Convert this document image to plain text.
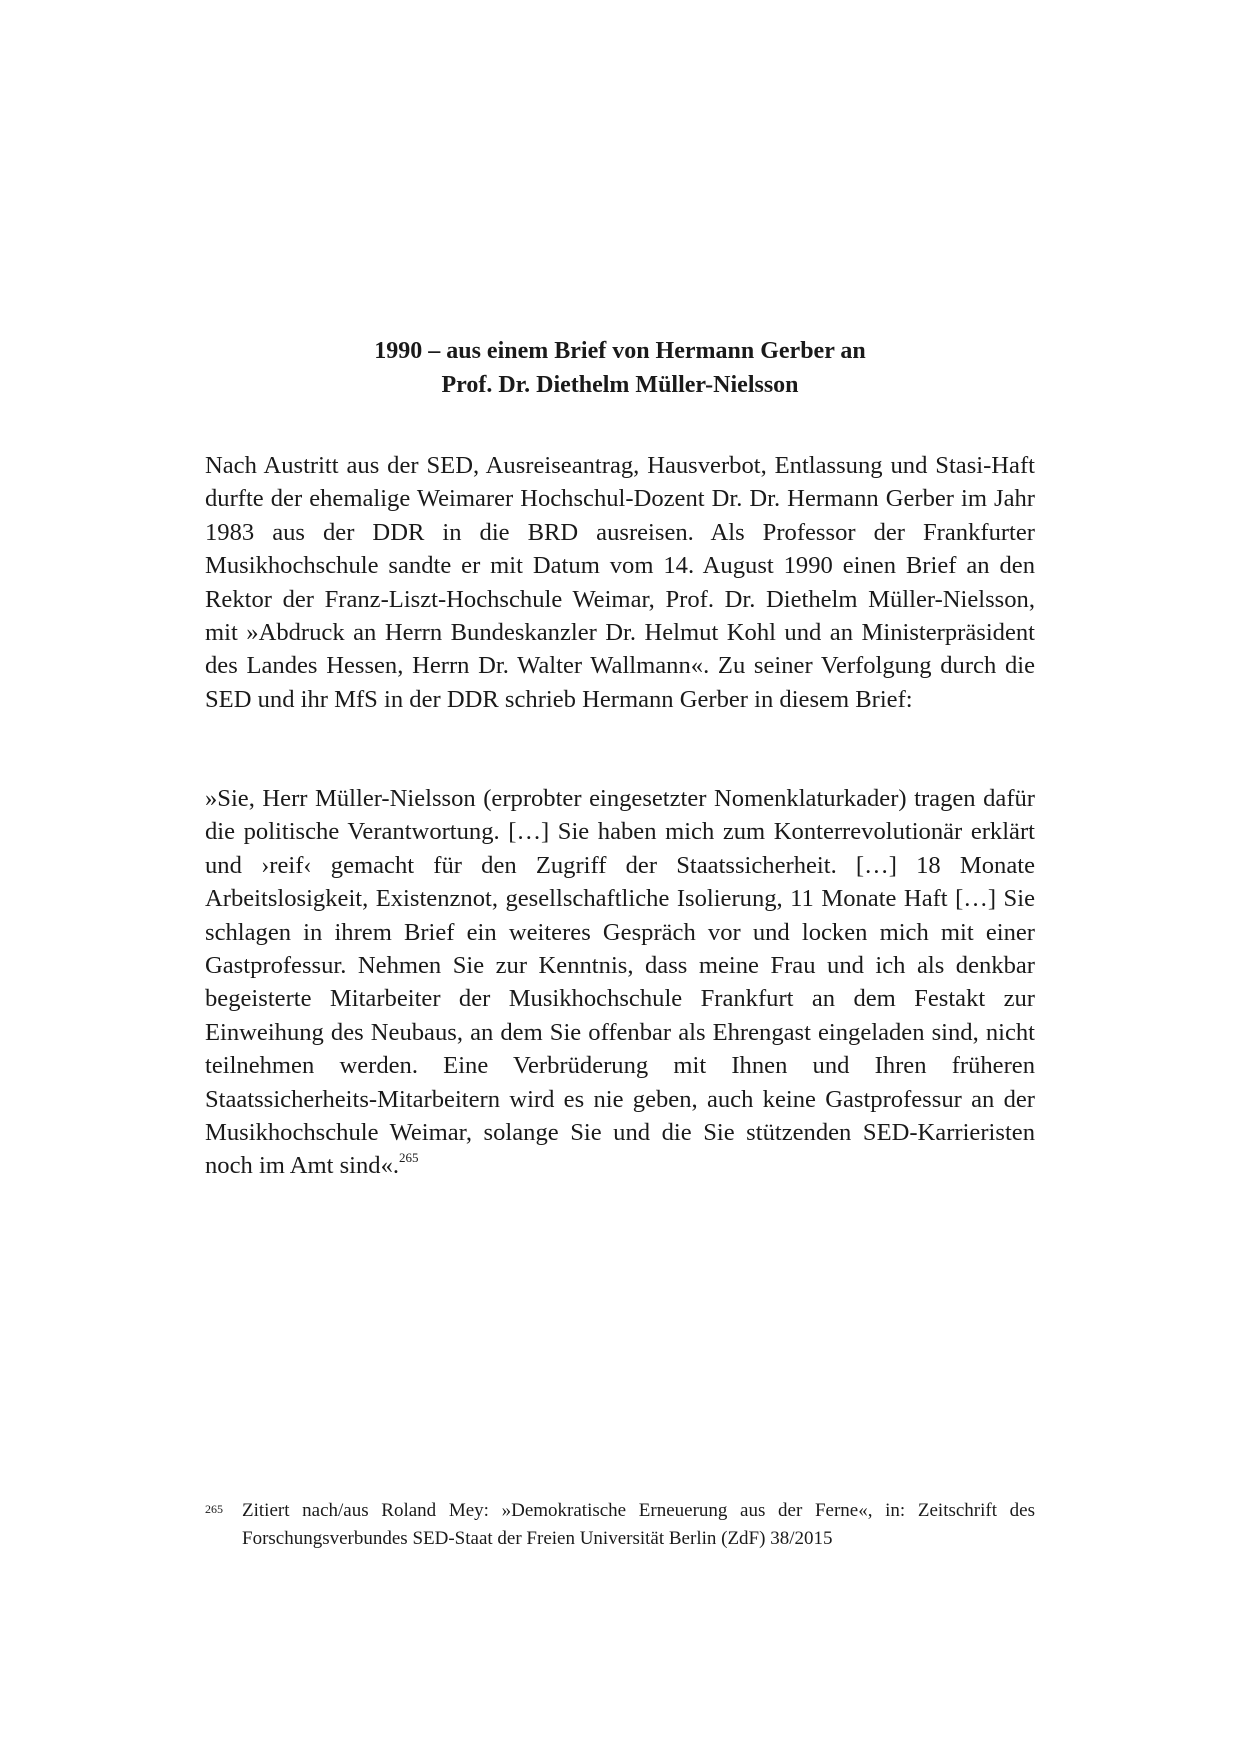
1990 – aus einem Brief von Hermann Gerber an
Prof. Dr. Diethelm Müller-Nielsson

Nach Austritt aus der SED, Ausreiseantrag, Hausverbot, Entlassung und Stasi-Haft durfte der ehemalige Weimarer Hochschul-Dozent Dr. Dr. Hermann Gerber im Jahr 1983 aus der DDR in die BRD ausreisen. Als Professor der Frankfurter Musikhochschule sandte er mit Datum vom 14. August 1990 einen Brief an den Rektor der Franz-Liszt-Hochschule Weimar, Prof. Dr. Diethelm Müller-Nielsson, mit »Abdruck an Herrn Bundeskanzler Dr. Helmut Kohl und an Ministerpräsident des Landes Hessen, Herrn Dr. Walter Wallmann«. Zu seiner Verfolgung durch die SED und ihr MfS in der DDR schrieb Hermann Gerber in diesem Brief:

»Sie, Herr Müller-Nielsson (erprobter eingesetzter Nomenklaturkader) tragen dafür die politische Verantwortung. […] Sie haben mich zum Konterrevolutionär erklärt und ›reif‹ gemacht für den Zugriff der Staatssicherheit. […] 18 Monate Arbeitslosigkeit, Existenznot, gesellschaftliche Isolierung, 11 Monate Haft […] Sie schlagen in ihrem Brief ein weiteres Gespräch vor und locken mich mit einer Gastprofessur. Nehmen Sie zur Kenntnis, dass meine Frau und ich als denkbar begeisterte Mitarbeiter der Musikhochschule Frankfurt an dem Festakt zur Einweihung des Neubaus, an dem Sie offenbar als Ehrengast eingeladen sind, nicht teilnehmen werden. Eine Verbrüderung mit Ihnen und Ihren früheren Staatssicherheits-Mitarbeitern wird es nie geben, auch keine Gastprofessur an der Musikhochschule Weimar, solange Sie und die Sie stützenden SED-Karrieristen noch im Amt sind«.$^{265}$

265 Zitiert nach/aus Roland Mey: »Demokratische Erneuerung aus der Ferne«, in: Zeitschrift des Forschungsverbundes SED-Staat der Freien Universität Berlin (ZdF) 38/2015
